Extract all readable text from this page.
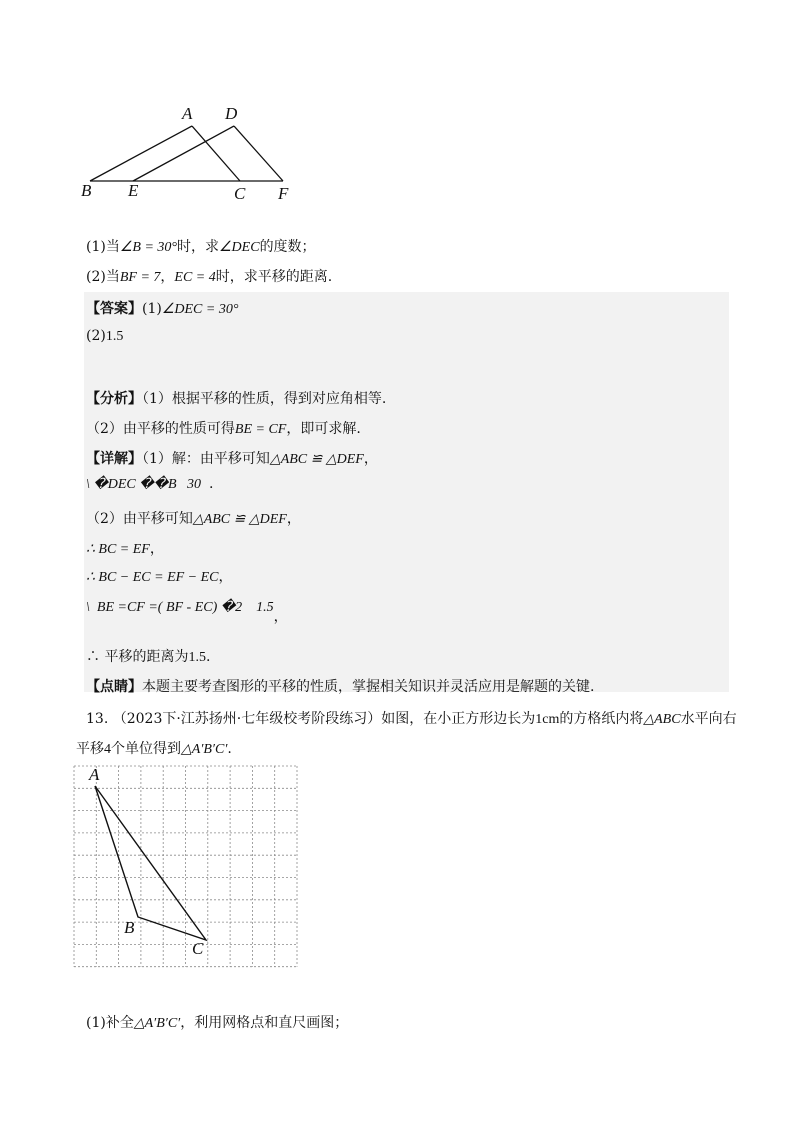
A D
B E	C F
(1)当∠B = 30°时，求∠DEC的度数；
(2)当BF = 7，EC = 4时，求平移的距离.
【答案】(1)∠DEC = 30°
(2)1.5
【分析】（1）根据平移的性质，得到对应角相等.
（2）由平移的性质可得BE = CF，即可求解.
【详解】（1）解：由平移可知△ABC ≌ △DEF，
\ �DEC ��B   30 .
（2）由平移可知△ABC ≌ △DEF，
∴ BC = EF，
∴ BC − EC = EF − EC，
\  BE =CF =( BF - EC) �2    1.5，
∴ 平移的距离为1.5.
【点睛】本题主要考查图形的平移的性质，掌握相关知识并灵活应用是解题的关键.
13. （2023下·江苏扬州·七年级校考阶段练习）如图，在小正方形边长为1cm的方格纸内将△ABC水平向右
平移4个单位得到△A′B′C′.
A
B
C
(1)补全△A′B′C′，利用网格点和直尺画图；
